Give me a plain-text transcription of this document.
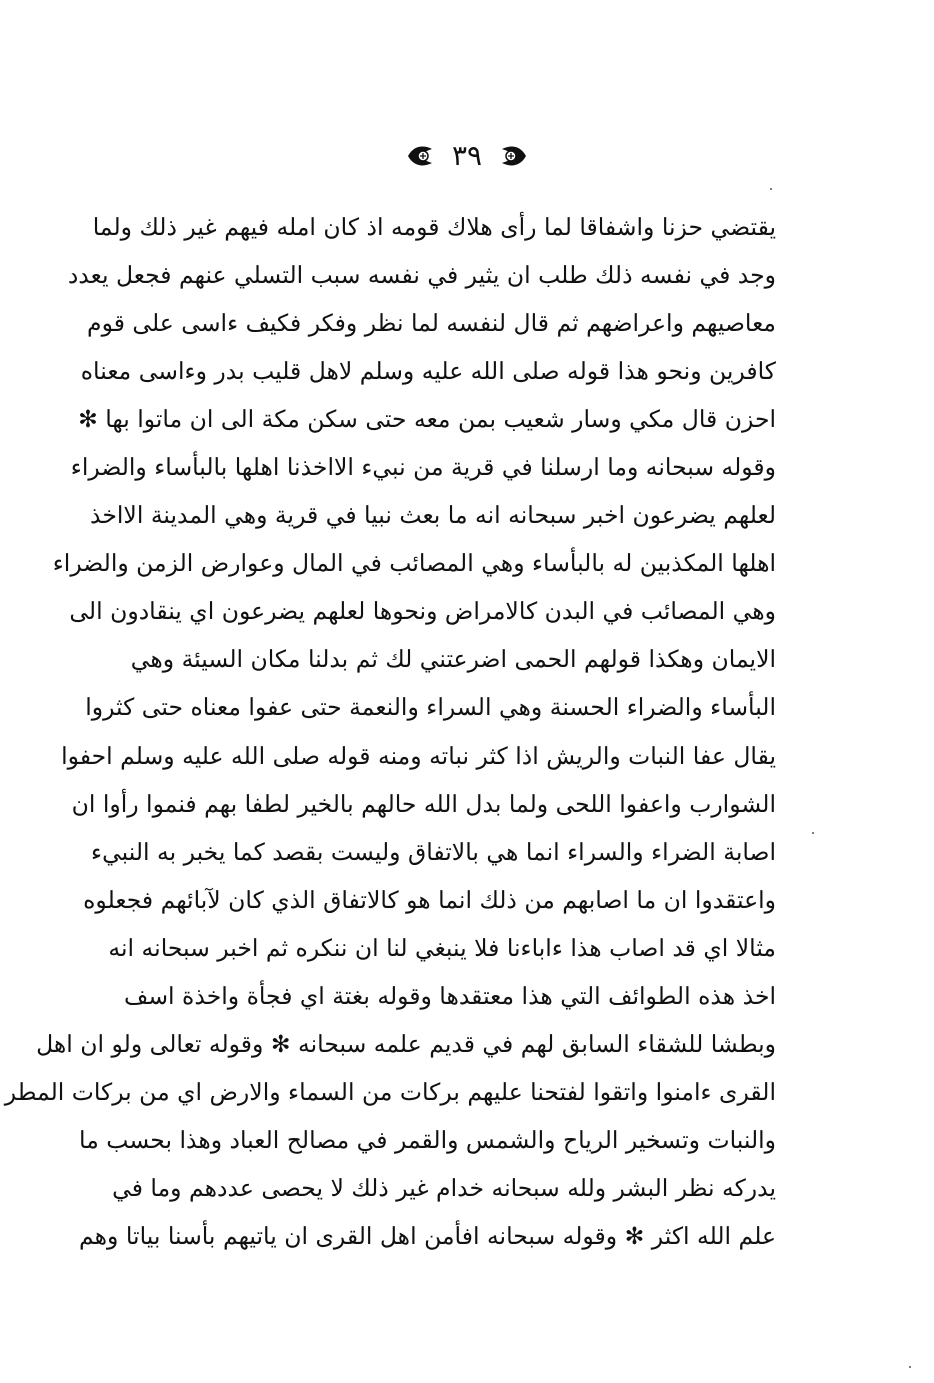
٣٩
يقتضي حزنا واشفاقا لما رأى هلاك قومه اذ كان امله فيهم غير ذلك ولما
وجد في نفسه ذلك طلب ان يثير في نفسه سبب التسلي عنهم فجعل يعدد
معاصيهم واعراضهم ثم قال لنفسه لما نظر وفكر فكيف ءاسى على قوم
كافرين ونحو هذا قوله صلى الله عليه وسلم لاهل قليب بدر وءاسى معناه
احزن قال مكي وسار شعيب بمن معه حتى سكن مكة الى ان ماتوا بها ✻
وقوله سبحانه وما ارسلنا في قرية من نبيء الااخذنا اهلها بالبأساء والضراء
لعلهم يضرعون اخبر سبحانه انه ما بعث نبيا في قرية وهي المدينة الااخذ
اهلها المكذبين له بالبأساء وهي المصائب في المال وعوارض الزمن والضراء
وهي المصائب في البدن كالامراض ونحوها لعلهم يضرعون اي ينقادون الى
الايمان وهكذا قولهم الحمى اضرعتني لك ثم بدلنا مكان السيئة وهي
البأساء والضراء الحسنة وهي السراء والنعمة حتى عفوا معناه حتى كثروا
يقال عفا النبات والريش اذا كثر نباته ومنه قوله صلى الله عليه وسلم احفوا
الشوارب واعفوا اللحى ولما بدل الله حالهم بالخير لطفا بهم فنموا رأوا ان
اصابة الضراء والسراء انما هي بالاتفاق وليست بقصد كما يخبر به النبيء
واعتقدوا ان ما اصابهم من ذلك انما هو كالاتفاق الذي كان لآبائهم فجعلوه
مثالا اي قد اصاب هذا ءاباءنا فلا ينبغي لنا ان ننكره ثم اخبر سبحانه انه
اخذ هذه الطوائف التي هذا معتقدها وقوله بغتة اي فجأة واخذة اسف
وبطشا للشقاء السابق لهم في قديم علمه سبحانه ✻ وقوله تعالى ولو ان اهل
القرى ءامنوا واتقوا لفتحنا عليهم بركات من السماء والارض اي من بركات المطر
والنبات وتسخير الرياح والشمس والقمر في مصالح العباد وهذا بحسب ما
يدركه نظر البشر ولله سبحانه خدام غير ذلك لا يحصى عددهم وما في
علم الله اكثر ✻ وقوله سبحانه افأمن اهل القرى ان ياتيهم بأسنا بياتا وهم
